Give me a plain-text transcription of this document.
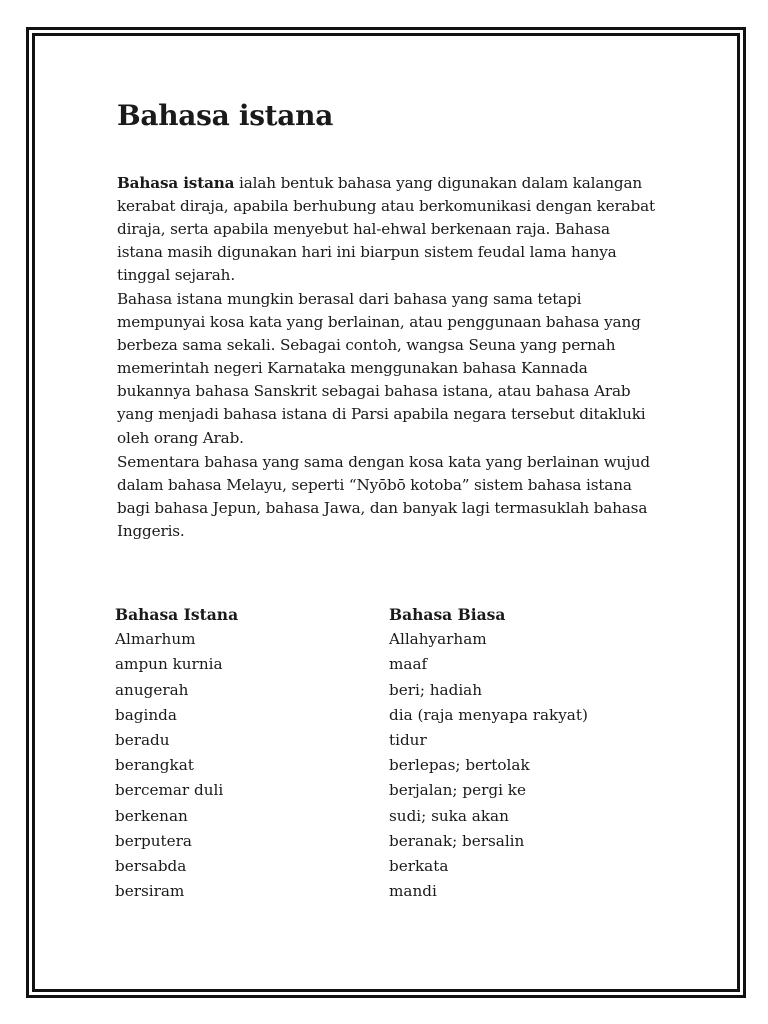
Bahasa istana

Bahasa istana ialah bentuk bahasa yang digunakan dalam kalangan kerabat diraja, apabila berhubung atau berkomunikasi dengan kerabat diraja, serta apabila menyebut hal-ehwal berkenaan raja. Bahasa istana masih digunakan hari ini biarpun sistem feudal lama hanya tinggal sejarah.

Bahasa istana mungkin berasal dari bahasa yang sama tetapi mempunyai kosa kata yang berlainan, atau penggunaan bahasa yang berbeza sama sekali. Sebagai contoh, wangsa Seuna yang pernah memerintah negeri Karnataka menggunakan bahasa Kannada bukannya bahasa Sanskrit sebagai bahasa istana, atau bahasa Arab yang menjadi bahasa istana di Parsi apabila negara tersebut ditakluki oleh orang Arab.

Sementara bahasa yang sama dengan kosa kata yang berlainan wujud dalam bahasa Melayu, seperti “Nyōbō kotoba” sistem bahasa istana bagi bahasa Jepun, bahasa Jawa, dan banyak lagi termasuklah bahasa Inggeris.

Bahasa Istana	Bahasa Biasa
Almarhum	Allahyarham
ampun kurnia	maaf
anugerah	beri; hadiah
baginda	dia (raja menyapa rakyat)
beradu	tidur
berangkat	berlepas; bertolak
bercemar duli	berjalan; pergi ke
berkenan	sudi; suka akan
berputera	beranak; bersalin
bersabda	berkata
bersiram	mandi
